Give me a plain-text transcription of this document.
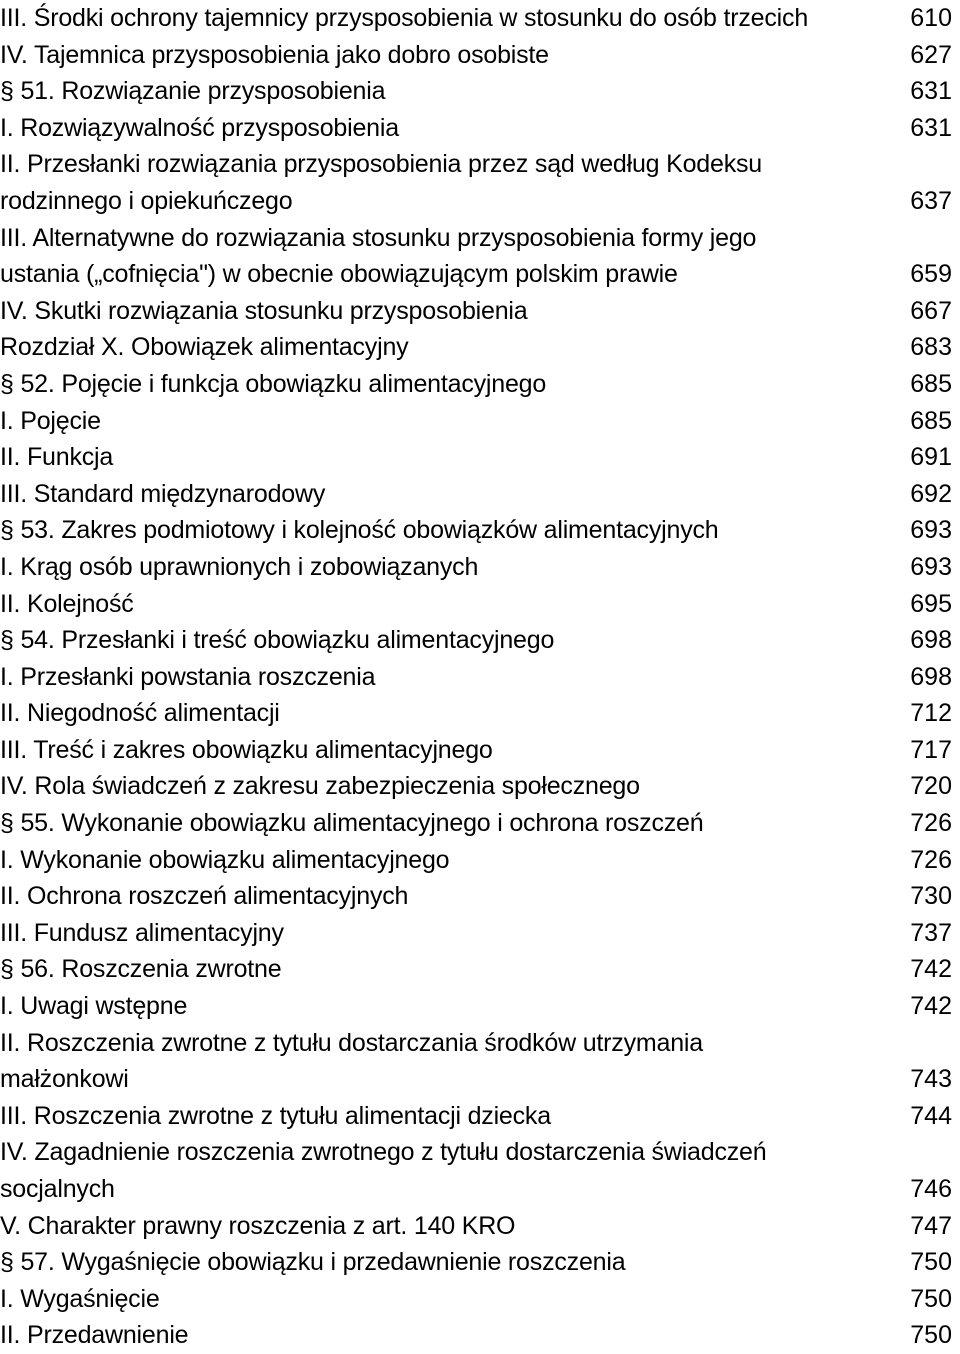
III. Środki ochrony tajemnicy przysposobienia w stosunku do osób trzecich	610
IV. Tajemnica przysposobienia jako dobro osobiste	627
§ 51. Rozwiązanie przysposobienia	631
I. Rozwiązywalność przysposobienia	631
II. Przesłanki rozwiązania przysposobienia przez sąd według Kodeksu
rodzinnego i opiekuńczego	637
III. Alternatywne do rozwiązania stosunku przysposobienia formy jego
ustania („cofnięcia") w obecnie obowiązującym polskim prawie	659
IV. Skutki rozwiązania stosunku przysposobienia	667
Rozdział X. Obowiązek alimentacyjny	683
§ 52. Pojęcie i funkcja obowiązku alimentacyjnego	685
I. Pojęcie	685
II. Funkcja	691
III. Standard międzynarodowy	692
§ 53. Zakres podmiotowy i kolejność obowiązków alimentacyjnych	693
I. Krąg osób uprawnionych i zobowiązanych	693
II. Kolejność	695
§ 54. Przesłanki i treść obowiązku alimentacyjnego	698
I. Przesłanki powstania roszczenia	698
II. Niegodność alimentacji	712
III. Treść i zakres obowiązku alimentacyjnego	717
IV. Rola świadczeń z zakresu zabezpieczenia społecznego	720
§ 55. Wykonanie obowiązku alimentacyjnego i ochrona roszczeń	726
I. Wykonanie obowiązku alimentacyjnego	726
II. Ochrona roszczeń alimentacyjnych	730
III. Fundusz alimentacyjny	737
§ 56. Roszczenia zwrotne	742
I. Uwagi wstępne	742
II. Roszczenia zwrotne z tytułu dostarczania środków utrzymania
małżonkowi	743
III. Roszczenia zwrotne z tytułu alimentacji dziecka	744
IV. Zagadnienie roszczenia zwrotnego z tytułu dostarczenia świadczeń
socjalnych	746
V. Charakter prawny roszczenia z art. 140 KRO	747
§ 57. Wygaśnięcie obowiązku i przedawnienie roszczenia	750
I. Wygaśnięcie	750
II. Przedawnienie	750
